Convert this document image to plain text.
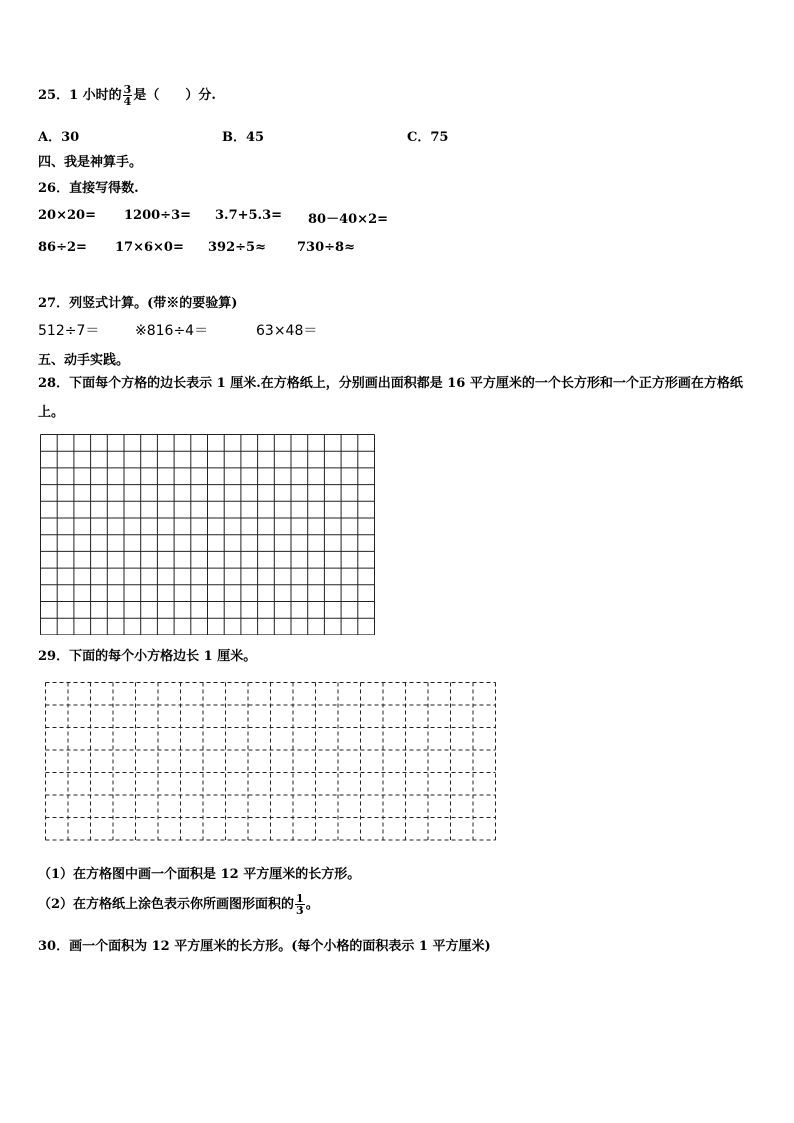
25．1 小时的 $\frac{3}{4}$ 是（　　）分.
A．30	B．45	C．75
四、我是神算手。
26．直接写得数.
20×20= 1200÷3= 3.7+5.3= 80－40×2=
86÷2= 17×6×0= 392÷5≈ 730÷8≈
27．列竖式计算。(带※的要验算)
512÷7＝	※816÷4＝	63×48＝
五、动手实践。
28．下面每个方格的边长表示 1 厘米.在方格纸上，分别画出面积都是 16 平方厘米的一个长方形和一个正方形画在方格纸上。
29．下面的每个小方格边长 1 厘米。
（1）在方格图中画一个面积是 12 平方厘米的长方形。
（2）在方格纸上涂色表示你所画图形面积的 $\frac{1}{3}$ 。
30．画一个面积为 12 平方厘米的长方形。(每个小格的面积表示 1 平方厘米)
